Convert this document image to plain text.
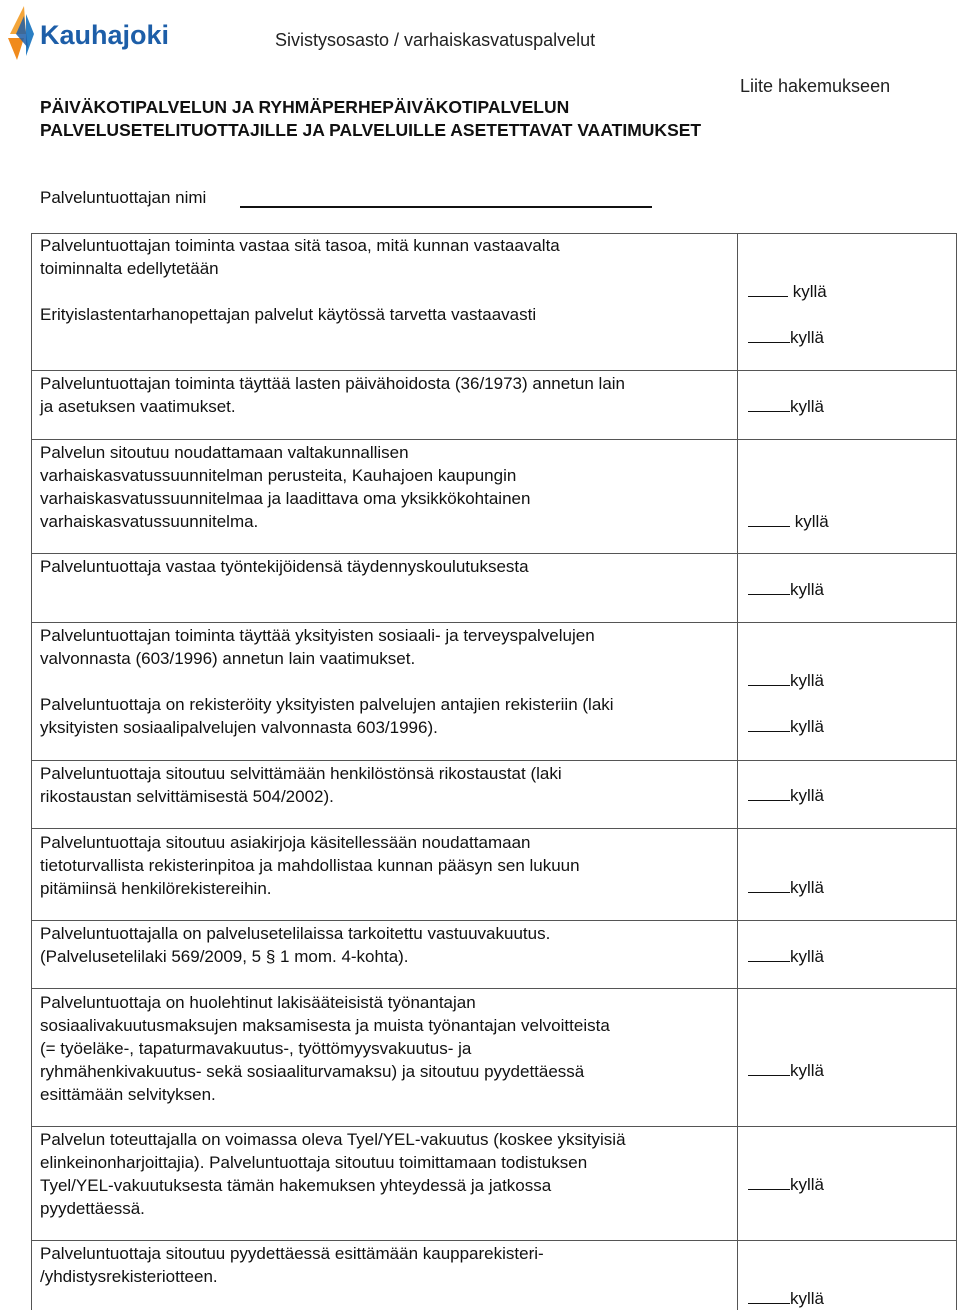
Kauhajoki	Sivistysosasto / varhaiskasvatuspalvelut
Liite hakemukseen
PÄIVÄKOTIPALVELUN JA RYHMÄPERHEPÄIVÄKOTIPALVELUN
PALVELUSETELITUOTTAJILLE JA PALVELUILLE ASETETTAVAT VAATIMUKSET
Palveluntuottajan nimi
Palveluntuottajan toiminta vastaa sitä tasoa, mitä kunnan vastaavalta
toiminnalta edellytetään
Erityislastentarhanopettajan palvelut käytössä tarvetta vastaavasti
Palveluntuottajan toiminta täyttää lasten päivähoidosta (36/1973) annetun lain
ja asetuksen vaatimukset.
Palvelun sitoutuu noudattamaan valtakunnallisen
varhaiskasvatussuunnitelman perusteita, Kauhajoen kaupungin
varhaiskasvatussuunnitelmaa ja laadittava oma yksikkökohtainen
varhaiskasvatussuunnitelma.
Palveluntuottaja vastaa työntekijöidensä täydennyskoulutuksesta
Palveluntuottajan toiminta täyttää yksityisten sosiaali- ja terveyspalvelujen
valvonnasta (603/1996) annetun lain vaatimukset.
Palveluntuottaja on rekisteröity yksityisten palvelujen antajien rekisteriin (laki
yksityisten sosiaalipalvelujen valvonnasta 603/1996).
Palveluntuottaja sitoutuu selvittämään henkilöstönsä rikostaustat (laki
rikostaustan selvittämisestä 504/2002).
Palveluntuottaja sitoutuu asiakirjoja käsitellessään noudattamaan
tietoturvallista rekisterinpitoa ja mahdollistaa kunnan pääsyn sen lukuun
pitämiinsä henkilörekistereihin.
Palveluntuottajalla on palvelusetelilaissa tarkoitettu vastuuvakuutus.
(Palvelusetelilaki 569/2009, 5 § 1 mom. 4-kohta).
Palveluntuottaja on huolehtinut lakisääteisistä työnantajan
sosiaalivakuutusmaksujen maksamisesta ja muista työnantajan velvoitteista
(= työeläke-, tapaturmavakuutus-, työttömyysvakuutus- ja
ryhmähenkivakuutus- sekä sosiaaliturvamaksu) ja sitoutuu pyydettäessä
esittämään selvityksen.
Palvelun toteuttajalla on voimassa oleva Tyel/YEL-vakuutus (koskee yksityisiä
elinkeinonharjoittajia). Palveluntuottaja sitoutuu toimittamaan todistuksen
Tyel/YEL-vakuutuksesta tämän hakemuksen yhteydessä ja jatkossa
pyydettäessä.
Palveluntuottaja sitoutuu pyydettäessä esittämään kaupparekisteri-
/yhdistysrekisteriotteen.
kyllä
kyllä
kyllä
kyllä
kyllä
kyllä
kyllä
kyllä
kyllä
kyllä
kyllä
kyllä
kyllä
